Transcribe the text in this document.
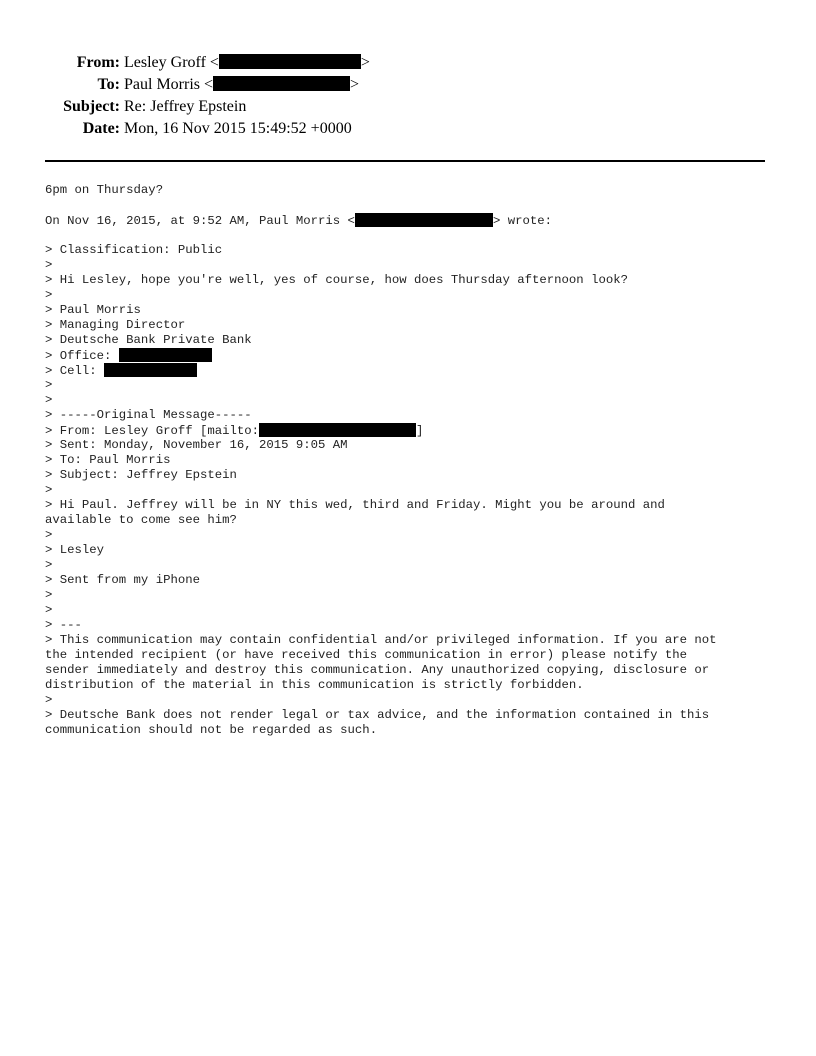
From: Lesley Groff <	>
To: Paul Morris <	>
Subject: Re: Jeffrey Epstein
Date: Mon, 16 Nov 2015 15:49:52 +0000
6pm on Thursday?
On Nov 16, 2015, at 9:52 AM, Paul Morris <	> wrote:
> Classification: Public
>
> Hi Lesley, hope you're well, yes of course, how does Thursday afternoon look?
>
> Paul Morris
> Managing Director
> Deutsche Bank Private Bank
> Office:
> Cell:
>
>
> -----Original Message-----
> From: Lesley Groff [mailto:	]
> Sent: Monday, November 16, 2015 9:05 AM
> To: Paul Morris
> Subject: Jeffrey Epstein
>
> Hi Paul. Jeffrey will be in NY this wed, third and Friday. Might you be around and
available to come see him?
>
> Lesley
>
> Sent from my iPhone
>
>
> ---
> This communication may contain confidential and/or privileged information. If you are not
the intended recipient (or have received this communication in error) please notify the
sender immediately and destroy this communication. Any unauthorized copying, disclosure or
distribution of the material in this communication is strictly forbidden.
>
> Deutsche Bank does not render legal or tax advice, and the information contained in this
communication should not be regarded as such.
